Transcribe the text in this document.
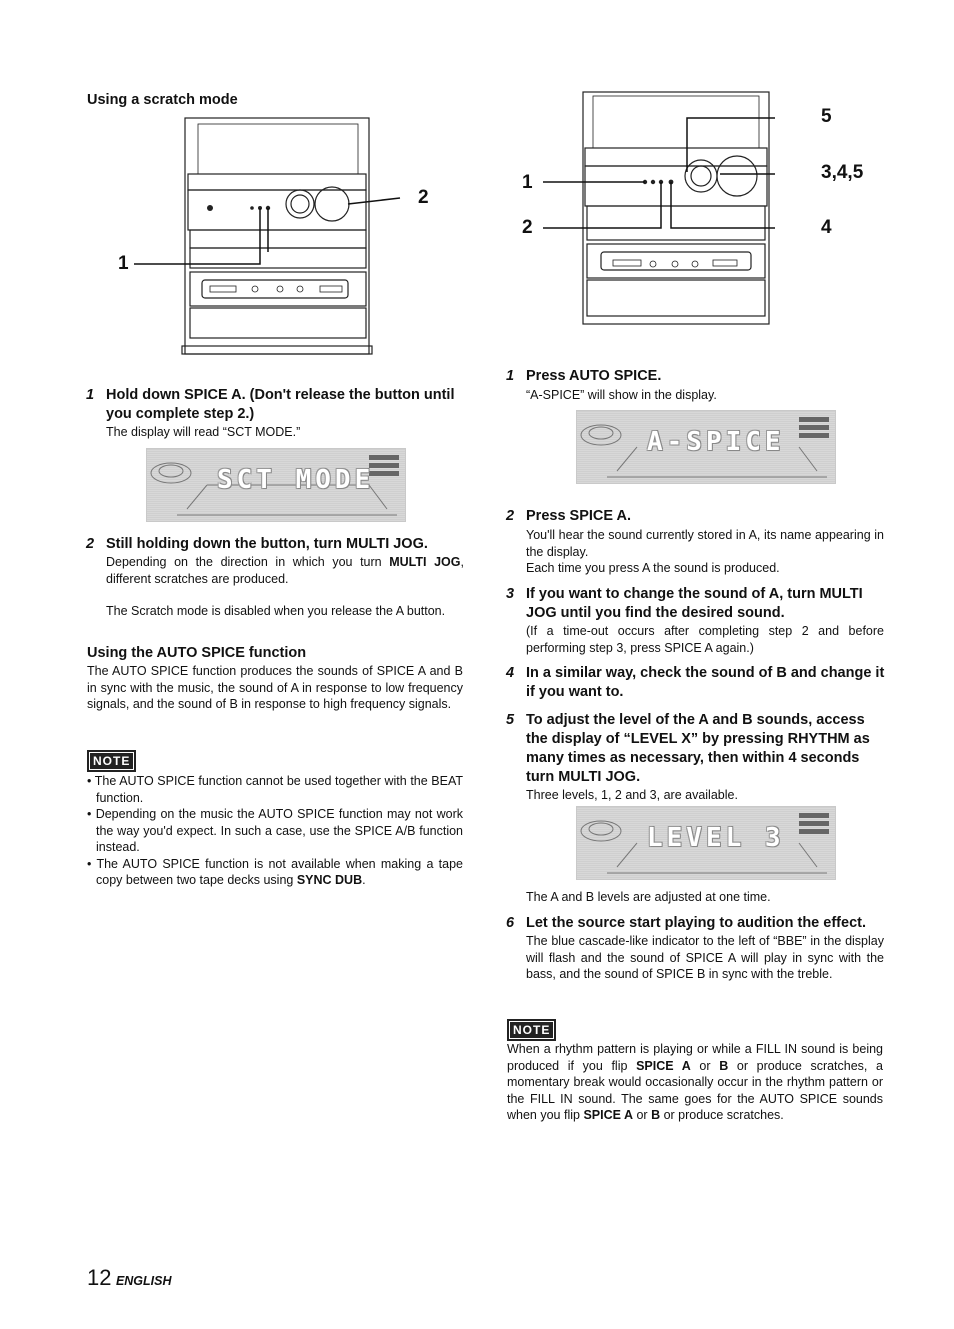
Using a scratch mode
1
2
1 Hold down SPICE A. (Don't release the button until you complete step 2.)
The display will read “SCT MODE.”
SCT MODE
2 Still holding down the button, turn MULTI JOG.
Depending on the direction in which you turn MULTI JOG, different scratches are produced.
The Scratch mode is disabled when you release the A button.
Using the AUTO SPICE function
The AUTO SPICE function produces the sounds of SPICE A and B in sync with the music, the sound of A in response to low frequency signals, and the sound of B in response to high frequency signals.
NOTE
• The AUTO SPICE function cannot be used together with the BEAT function.
• Depending on the music the AUTO SPICE function may not work the way you'd expect. In such a case, use the SPICE A/B function instead.
• The AUTO SPICE function is not available when making a tape copy between two tape decks using SYNC DUB.
1
2
5
3,4,5
4
1 Press AUTO SPICE.
“A-SPICE” will show in the display.
A-SPICE
2 Press SPICE A.
You'll hear the sound currently stored in A, its name appearing in the display.
Each time you press A the sound is produced.
3 If you want to change the sound of A, turn MULTI JOG until you find the desired sound.
(If a time-out occurs after completing step 2 and before performing step 3, press SPICE A again.)
4 In a similar way, check the sound of B and change it if you want to.
5 To adjust the level of the A and B sounds, access the display of “LEVEL X” by pressing RHYTHM as many times as necessary, then within 4 seconds turn MULTI JOG.
Three levels, 1, 2 and 3, are available.
LEVEL 3
The A and B levels are adjusted at one time.
6 Let the source start playing to audition the effect.
The blue cascade-like indicator to the left of “BBE” in the display will flash and the sound of SPICE A will play in sync with the bass, and the sound of SPICE B in sync with the treble.
NOTE
When a rhythm pattern is playing or while a FILL IN sound is being produced if you flip SPICE A or B or produce scratches, a momentary break would occasionally occur in the rhythm pattern or the FILL IN sound. The same goes for the AUTO SPICE sounds when you flip SPICE A or B or produce scratches.
12 ENGLISH
